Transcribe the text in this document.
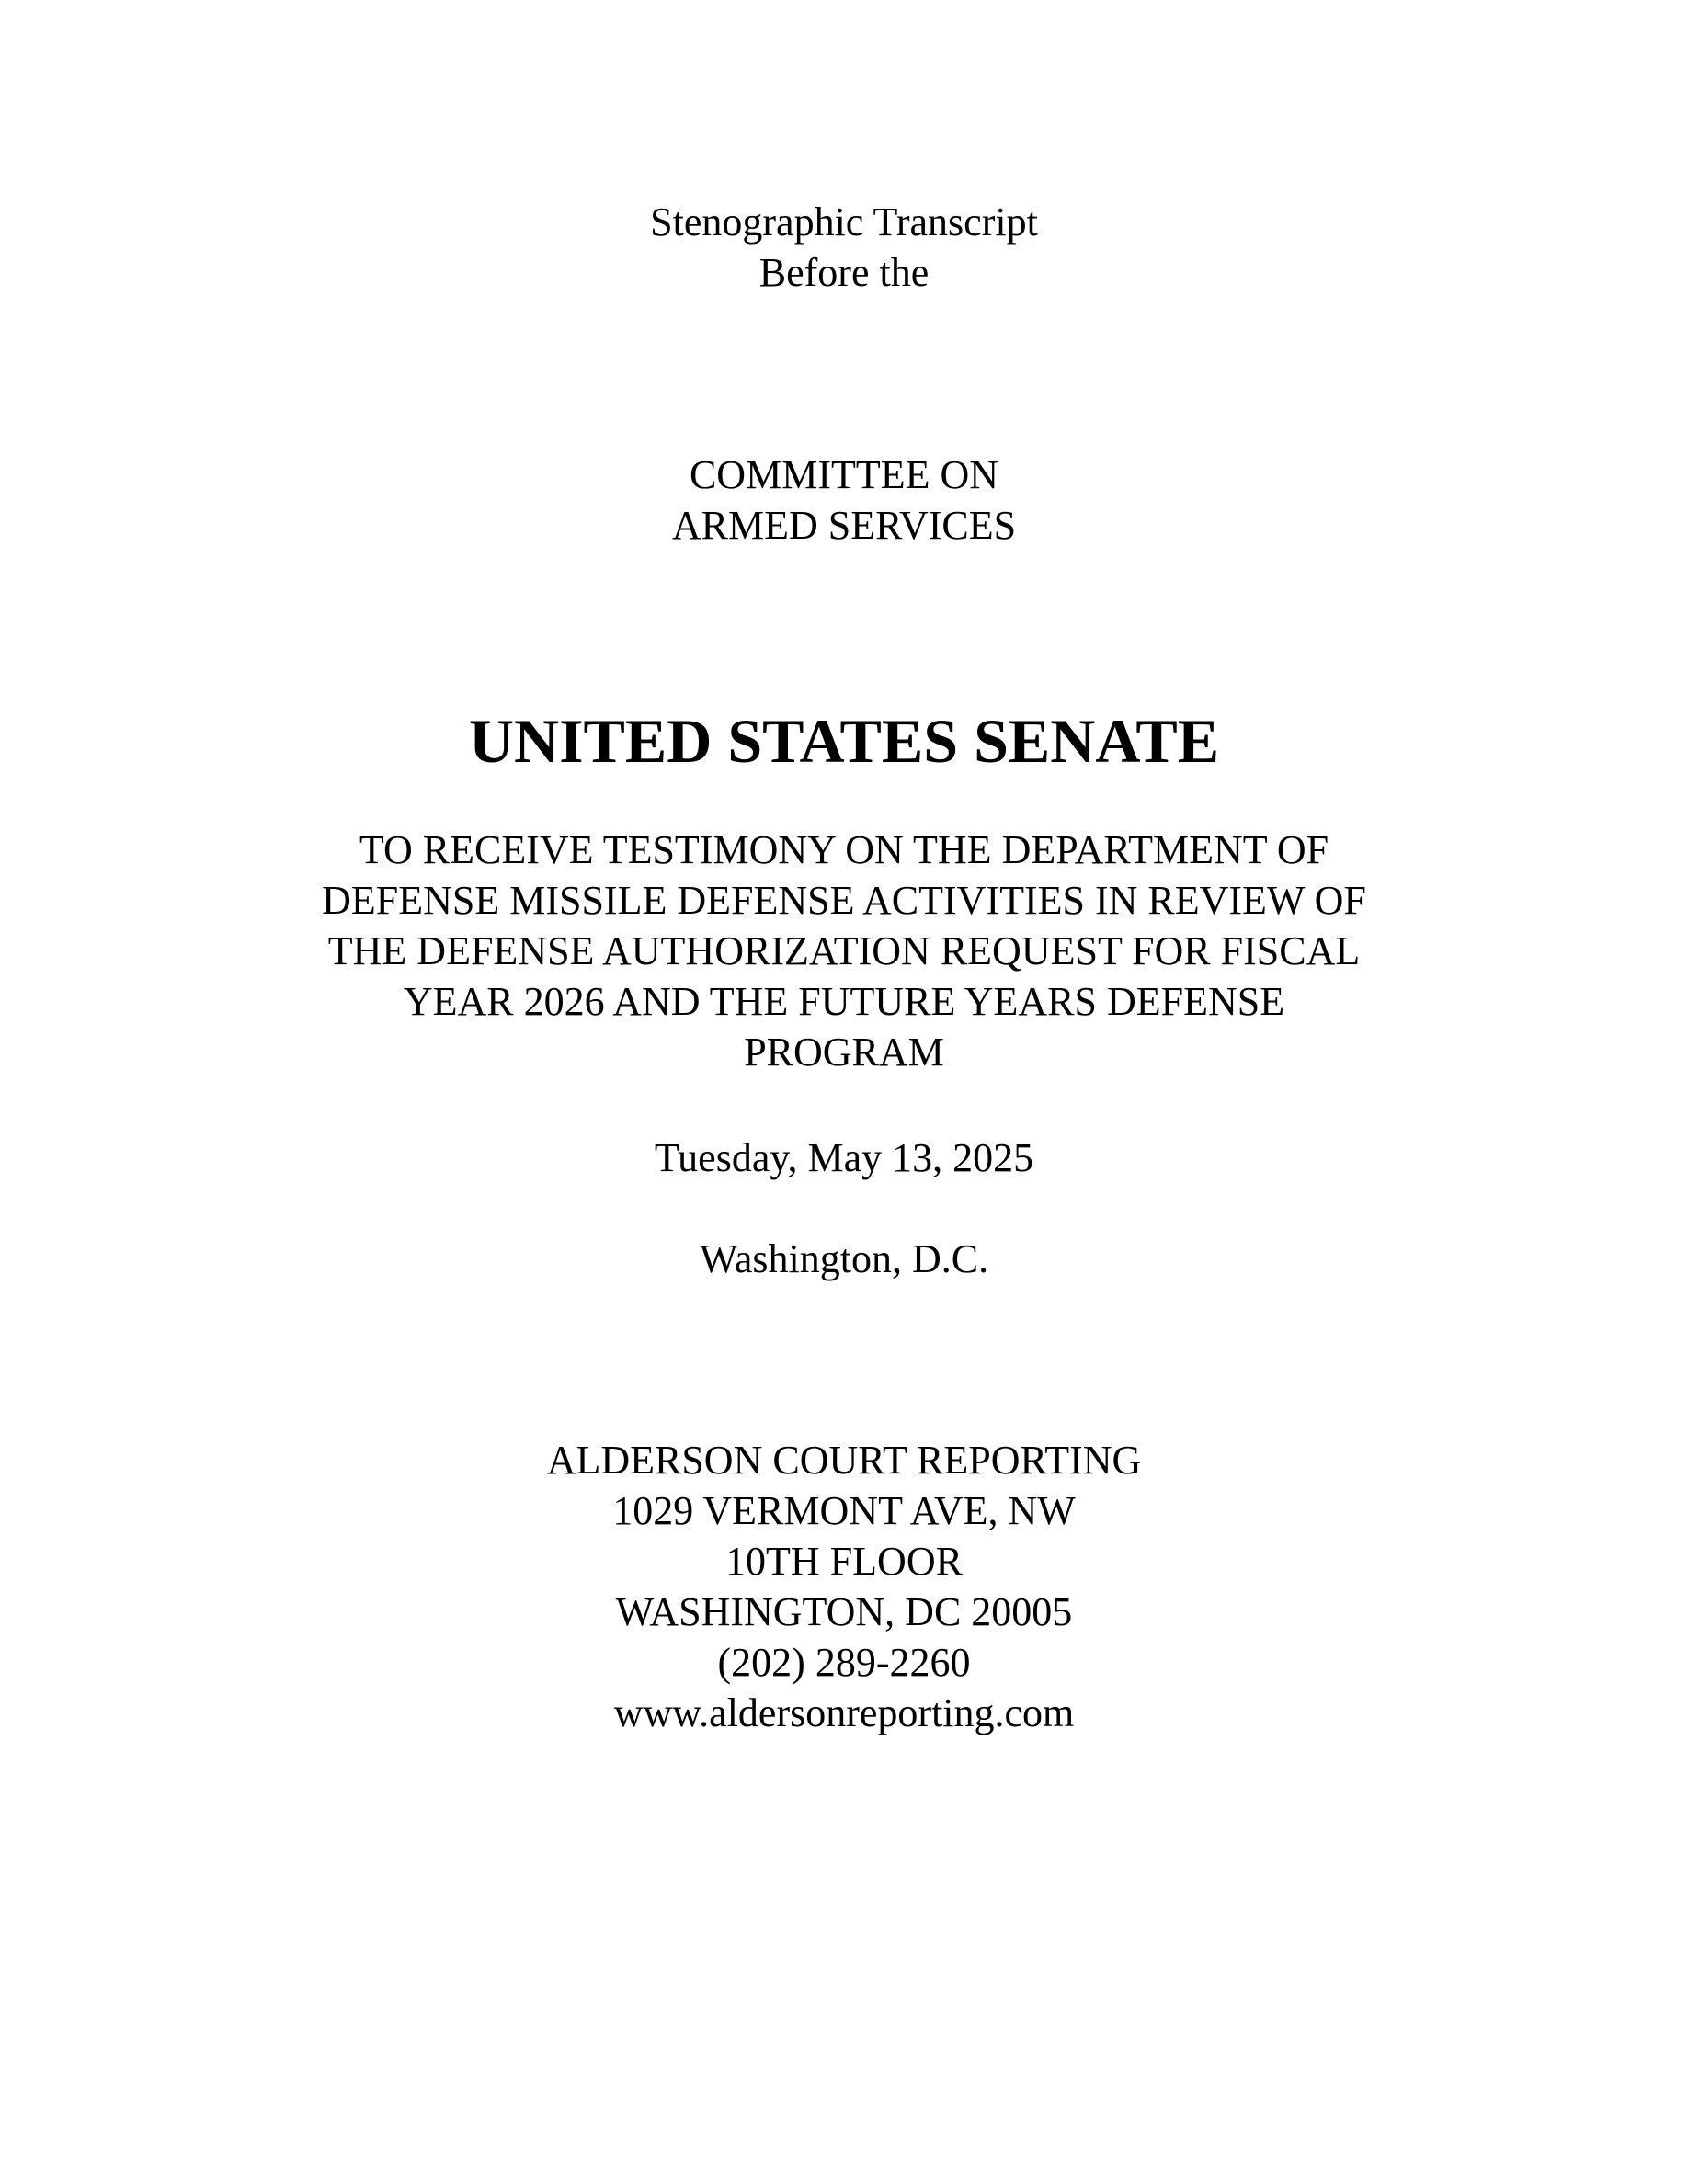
Stenographic Transcript
Before the
COMMITTEE ON
ARMED SERVICES
UNITED STATES SENATE
TO RECEIVE TESTIMONY ON THE DEPARTMENT OF
DEFENSE MISSILE DEFENSE ACTIVITIES IN REVIEW OF
THE DEFENSE AUTHORIZATION REQUEST FOR FISCAL
YEAR 2026 AND THE FUTURE YEARS DEFENSE
PROGRAM
Tuesday, May 13, 2025
Washington, D.C.
ALDERSON COURT REPORTING
1029 VERMONT AVE, NW
10TH FLOOR
WASHINGTON, DC 20005
(202) 289-2260
www.aldersonreporting.com
